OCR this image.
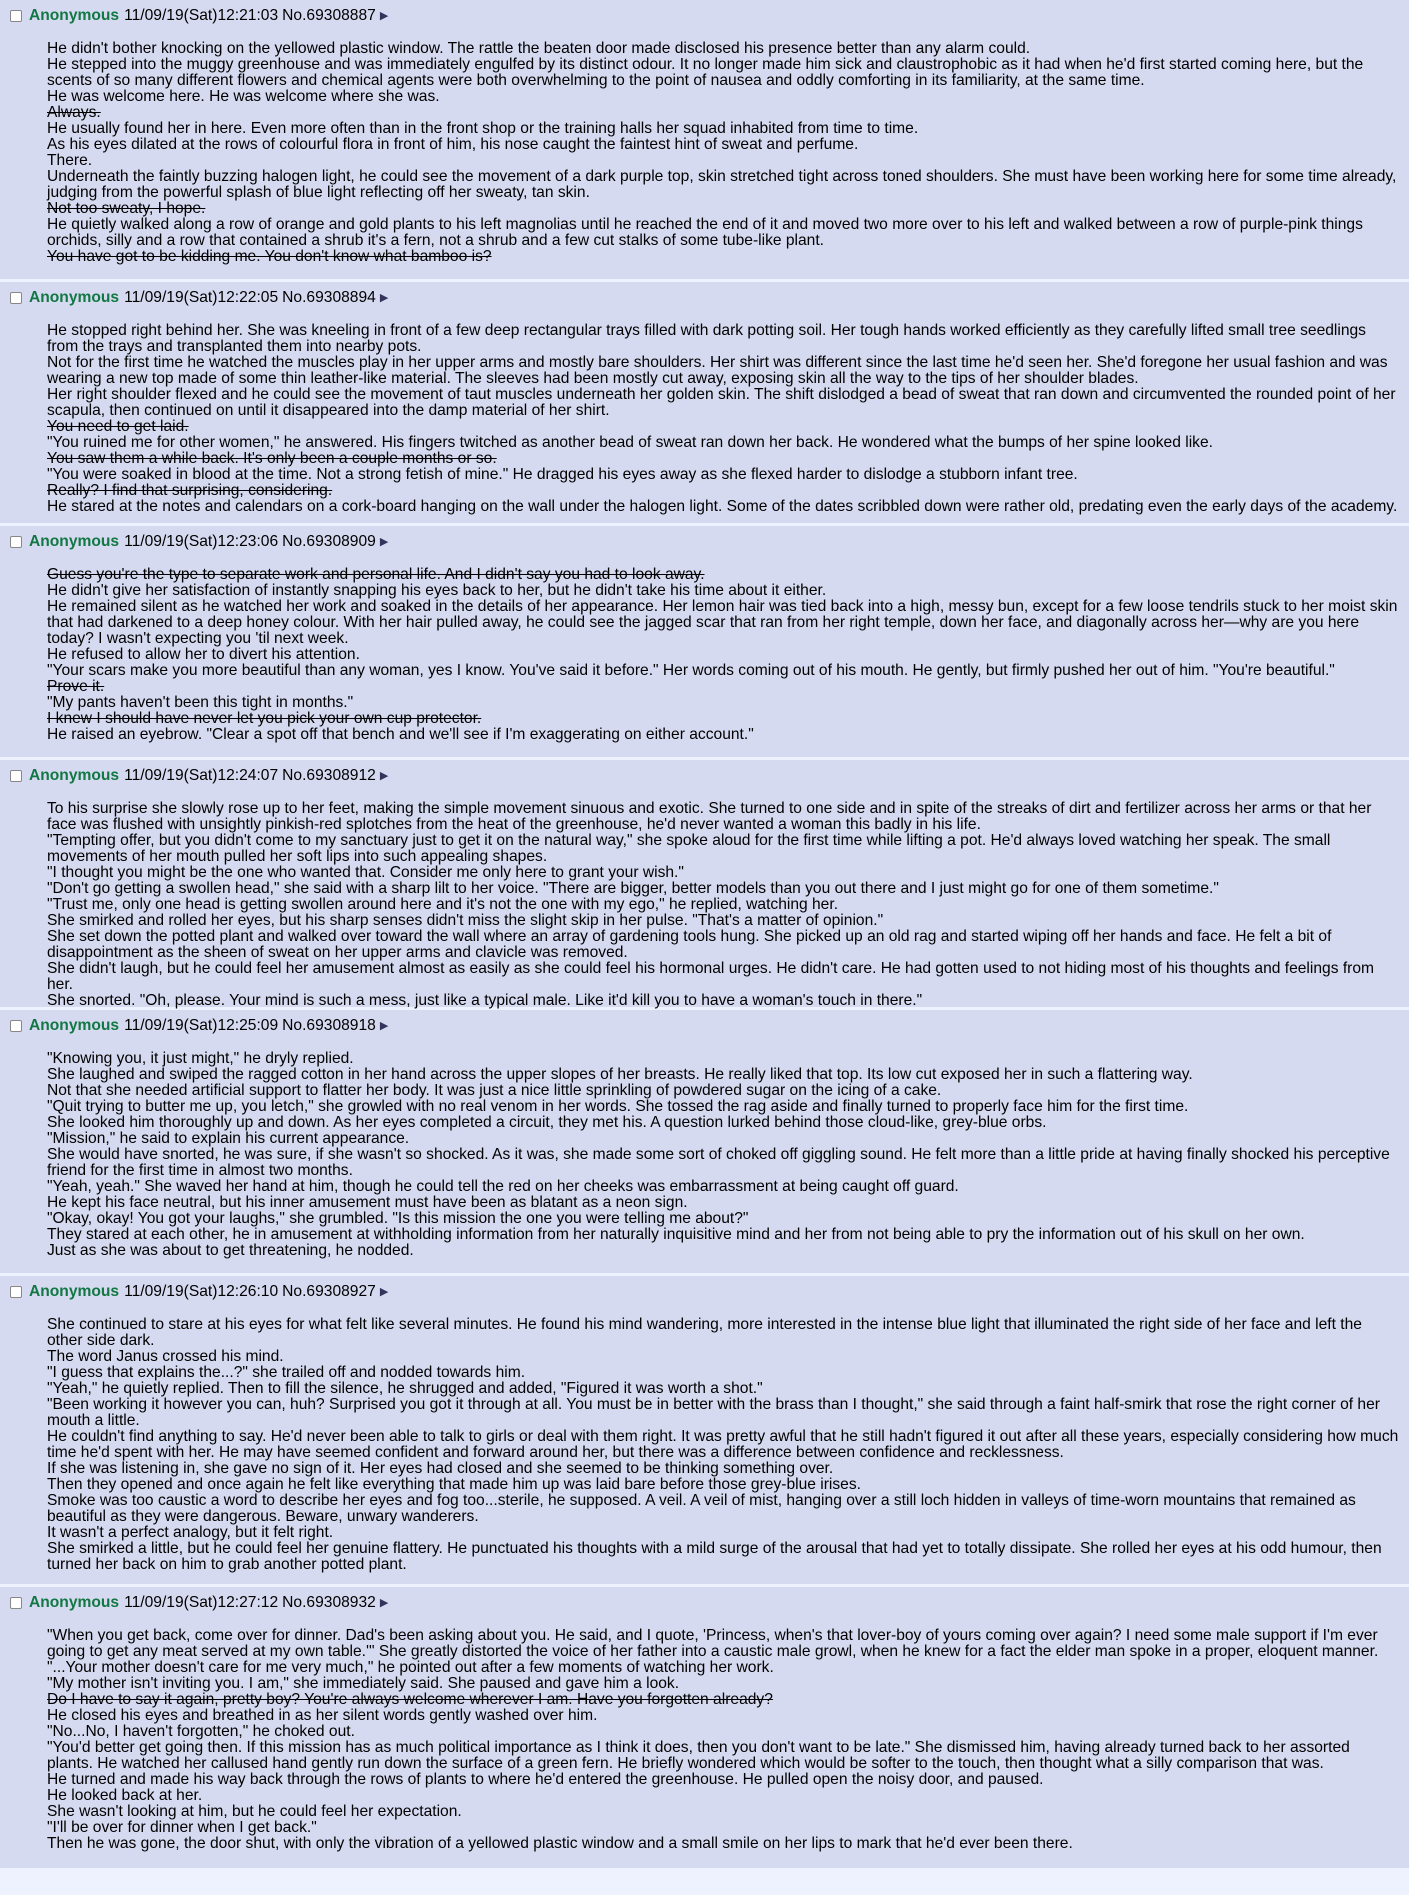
Anonymous 11/09/19(Sat)12:21:03 No.69308887 ▶
He didn't bother knocking on the yellowed plastic window. The rattle the beaten door made disclosed his presence better than any alarm could.
He stepped into the muggy greenhouse and was immediately engulfed by its distinct odour. It no longer made him sick and claustrophobic as it had when he'd first started coming here, but the scents of so many different flowers and chemical agents were both overwhelming to the point of nausea and oddly comforting in its familiarity, at the same time.
He was welcome here. He was welcome where she was.
Always.
He usually found her in here. Even more often than in the front shop or the training halls her squad inhabited from time to time.
As his eyes dilated at the rows of colourful flora in front of him, his nose caught the faintest hint of sweat and perfume.
There.
Underneath the faintly buzzing halogen light, he could see the movement of a dark purple top, skin stretched tight across toned shoulders. She must have been working here for some time already, judging from the powerful splash of blue light reflecting off her sweaty, tan skin.
Not too sweaty, I hope.
He quietly walked along a row of orange and gold plants to his left magnolias until he reached the end of it and moved two more over to his left and walked between a row of purple-pink things orchids, silly and a row that contained a shrub it's a fern, not a shrub and a few cut stalks of some tube-like plant.
You have got to be kidding me. You don't know what bamboo is?
Anonymous 11/09/19(Sat)12:22:05 No.69308894 ▶
He stopped right behind her. She was kneeling in front of a few deep rectangular trays filled with dark potting soil. Her tough hands worked efficiently as they carefully lifted small tree seedlings from the trays and transplanted them into nearby pots.
Not for the first time he watched the muscles play in her upper arms and mostly bare shoulders. Her shirt was different since the last time he'd seen her. She'd foregone her usual fashion and was wearing a new top made of some thin leather-like material. The sleeves had been mostly cut away, exposing skin all the way to the tips of her shoulder blades.
Her right shoulder flexed and he could see the movement of taut muscles underneath her golden skin. The shift dislodged a bead of sweat that ran down and circumvented the rounded point of her scapula, then continued on until it disappeared into the damp material of her shirt.
You need to get laid.
"You ruined me for other women," he answered. His fingers twitched as another bead of sweat ran down her back. He wondered what the bumps of her spine looked like.
You saw them a while back. It's only been a couple months or so.
"You were soaked in blood at the time. Not a strong fetish of mine." He dragged his eyes away as she flexed harder to dislodge a stubborn infant tree.
Really? I find that surprising, considering.
He stared at the notes and calendars on a cork-board hanging on the wall under the halogen light. Some of the dates scribbled down were rather old, predating even the early days of the academy.
Anonymous 11/09/19(Sat)12:23:06 No.69308909 ▶
Guess you're the type to separate work and personal life. And I didn't say you had to look away.
He didn't give her satisfaction of instantly snapping his eyes back to her, but he didn't take his time about it either.
He remained silent as he watched her work and soaked in the details of her appearance. Her lemon hair was tied back into a high, messy bun, except for a few loose tendrils stuck to her moist skin that had darkened to a deep honey colour. With her hair pulled away, he could see the jagged scar that ran from her right temple, down her face, and diagonally across her—why are you here today? I wasn't expecting you 'til next week.
He refused to allow her to divert his attention.
"Your scars make you more beautiful than any woman, yes I know. You've said it before." Her words coming out of his mouth. He gently, but firmly pushed her out of him. "You're beautiful."
Prove it.
"My pants haven't been this tight in months."
I knew I should have never let you pick your own cup protector.
He raised an eyebrow. "Clear a spot off that bench and we'll see if I'm exaggerating on either account."
Anonymous 11/09/19(Sat)12:24:07 No.69308912 ▶
To his surprise she slowly rose up to her feet, making the simple movement sinuous and exotic. She turned to one side and in spite of the streaks of dirt and fertilizer across her arms or that her face was flushed with unsightly pinkish-red splotches from the heat of the greenhouse, he'd never wanted a woman this badly in his life.
"Tempting offer, but you didn't come to my sanctuary just to get it on the natural way," she spoke aloud for the first time while lifting a pot. He'd always loved watching her speak. The small movements of her mouth pulled her soft lips into such appealing shapes.
"I thought you might be the one who wanted that. Consider me only here to grant your wish."
"Don't go getting a swollen head," she said with a sharp lilt to her voice. "There are bigger, better models than you out there and I just might go for one of them sometime."
"Trust me, only one head is getting swollen around here and it's not the one with my ego," he replied, watching her.
She smirked and rolled her eyes, but his sharp senses didn't miss the slight skip in her pulse. "That's a matter of opinion."
She set down the potted plant and walked over toward the wall where an array of gardening tools hung. She picked up an old rag and started wiping off her hands and face. He felt a bit of disappointment as the sheen of sweat on her upper arms and clavicle was removed.
She didn't laugh, but he could feel her amusement almost as easily as she could feel his hormonal urges. He didn't care. He had gotten used to not hiding most of his thoughts and feelings from her.
She snorted. "Oh, please. Your mind is such a mess, just like a typical male. Like it'd kill you to have a woman's touch in there."
Anonymous 11/09/19(Sat)12:25:09 No.69308918 ▶
"Knowing you, it just might," he dryly replied.
She laughed and swiped the ragged cotton in her hand across the upper slopes of her breasts. He really liked that top. Its low cut exposed her in such a flattering way.
Not that she needed artificial support to flatter her body. It was just a nice little sprinkling of powdered sugar on the icing of a cake.
"Quit trying to butter me up, you letch," she growled with no real venom in her words. She tossed the rag aside and finally turned to properly face him for the first time.
She looked him thoroughly up and down. As her eyes completed a circuit, they met his. A question lurked behind those cloud-like, grey-blue orbs.
"Mission," he said to explain his current appearance.
She would have snorted, he was sure, if she wasn't so shocked. As it was, she made some sort of choked off giggling sound. He felt more than a little pride at having finally shocked his perceptive friend for the first time in almost two months.
"Yeah, yeah." She waved her hand at him, though he could tell the red on her cheeks was embarrassment at being caught off guard.
He kept his face neutral, but his inner amusement must have been as blatant as a neon sign.
"Okay, okay! You got your laughs," she grumbled. "Is this mission the one you were telling me about?"
They stared at each other, he in amusement at withholding information from her naturally inquisitive mind and her from not being able to pry the information out of his skull on her own.
Just as she was about to get threatening, he nodded.
Anonymous 11/09/19(Sat)12:26:10 No.69308927 ▶
She continued to stare at his eyes for what felt like several minutes. He found his mind wandering, more interested in the intense blue light that illuminated the right side of her face and left the other side dark.
The word Janus crossed his mind.
"I guess that explains the...?" she trailed off and nodded towards him.
"Yeah," he quietly replied. Then to fill the silence, he shrugged and added, "Figured it was worth a shot."
"Been working it however you can, huh? Surprised you got it through at all. You must be in better with the brass than I thought," she said through a faint half-smirk that rose the right corner of her mouth a little.
He couldn't find anything to say. He'd never been able to talk to girls or deal with them right. It was pretty awful that he still hadn't figured it out after all these years, especially considering how much time he'd spent with her. He may have seemed confident and forward around her, but there was a difference between confidence and recklessness.
If she was listening in, she gave no sign of it. Her eyes had closed and she seemed to be thinking something over.
Then they opened and once again he felt like everything that made him up was laid bare before those grey-blue irises.
Smoke was too caustic a word to describe her eyes and fog too...sterile, he supposed. A veil. A veil of mist, hanging over a still loch hidden in valleys of time-worn mountains that remained as beautiful as they were dangerous. Beware, unwary wanderers.
It wasn't a perfect analogy, but it felt right.
She smirked a little, but he could feel her genuine flattery. He punctuated his thoughts with a mild surge of the arousal that had yet to totally dissipate. She rolled her eyes at his odd humour, then turned her back on him to grab another potted plant.
Anonymous 11/09/19(Sat)12:27:12 No.69308932 ▶
"When you get back, come over for dinner. Dad's been asking about you. He said, and I quote, 'Princess, when's that lover-boy of yours coming over again? I need some male support if I'm ever going to get any meat served at my own table.'" She greatly distorted the voice of her father into a caustic male growl, when he knew for a fact the elder man spoke in a proper, eloquent manner.
"...Your mother doesn't care for me very much," he pointed out after a few moments of watching her work.
"My mother isn't inviting you. I am," she immediately said. She paused and gave him a look.
Do I have to say it again, pretty boy? You're always welcome wherever I am. Have you forgotten already?
He closed his eyes and breathed in as her silent words gently washed over him.
"No...No, I haven't forgotten," he choked out.
"You'd better get going then. If this mission has as much political importance as I think it does, then you don't want to be late." She dismissed him, having already turned back to her assorted plants. He watched her callused hand gently run down the surface of a green fern. He briefly wondered which would be softer to the touch, then thought what a silly comparison that was.
He turned and made his way back through the rows of plants to where he'd entered the greenhouse. He pulled open the noisy door, and paused.
He looked back at her.
She wasn't looking at him, but he could feel her expectation.
"I'll be over for dinner when I get back."
Then he was gone, the door shut, with only the vibration of a yellowed plastic window and a small smile on her lips to mark that he'd ever been there.
